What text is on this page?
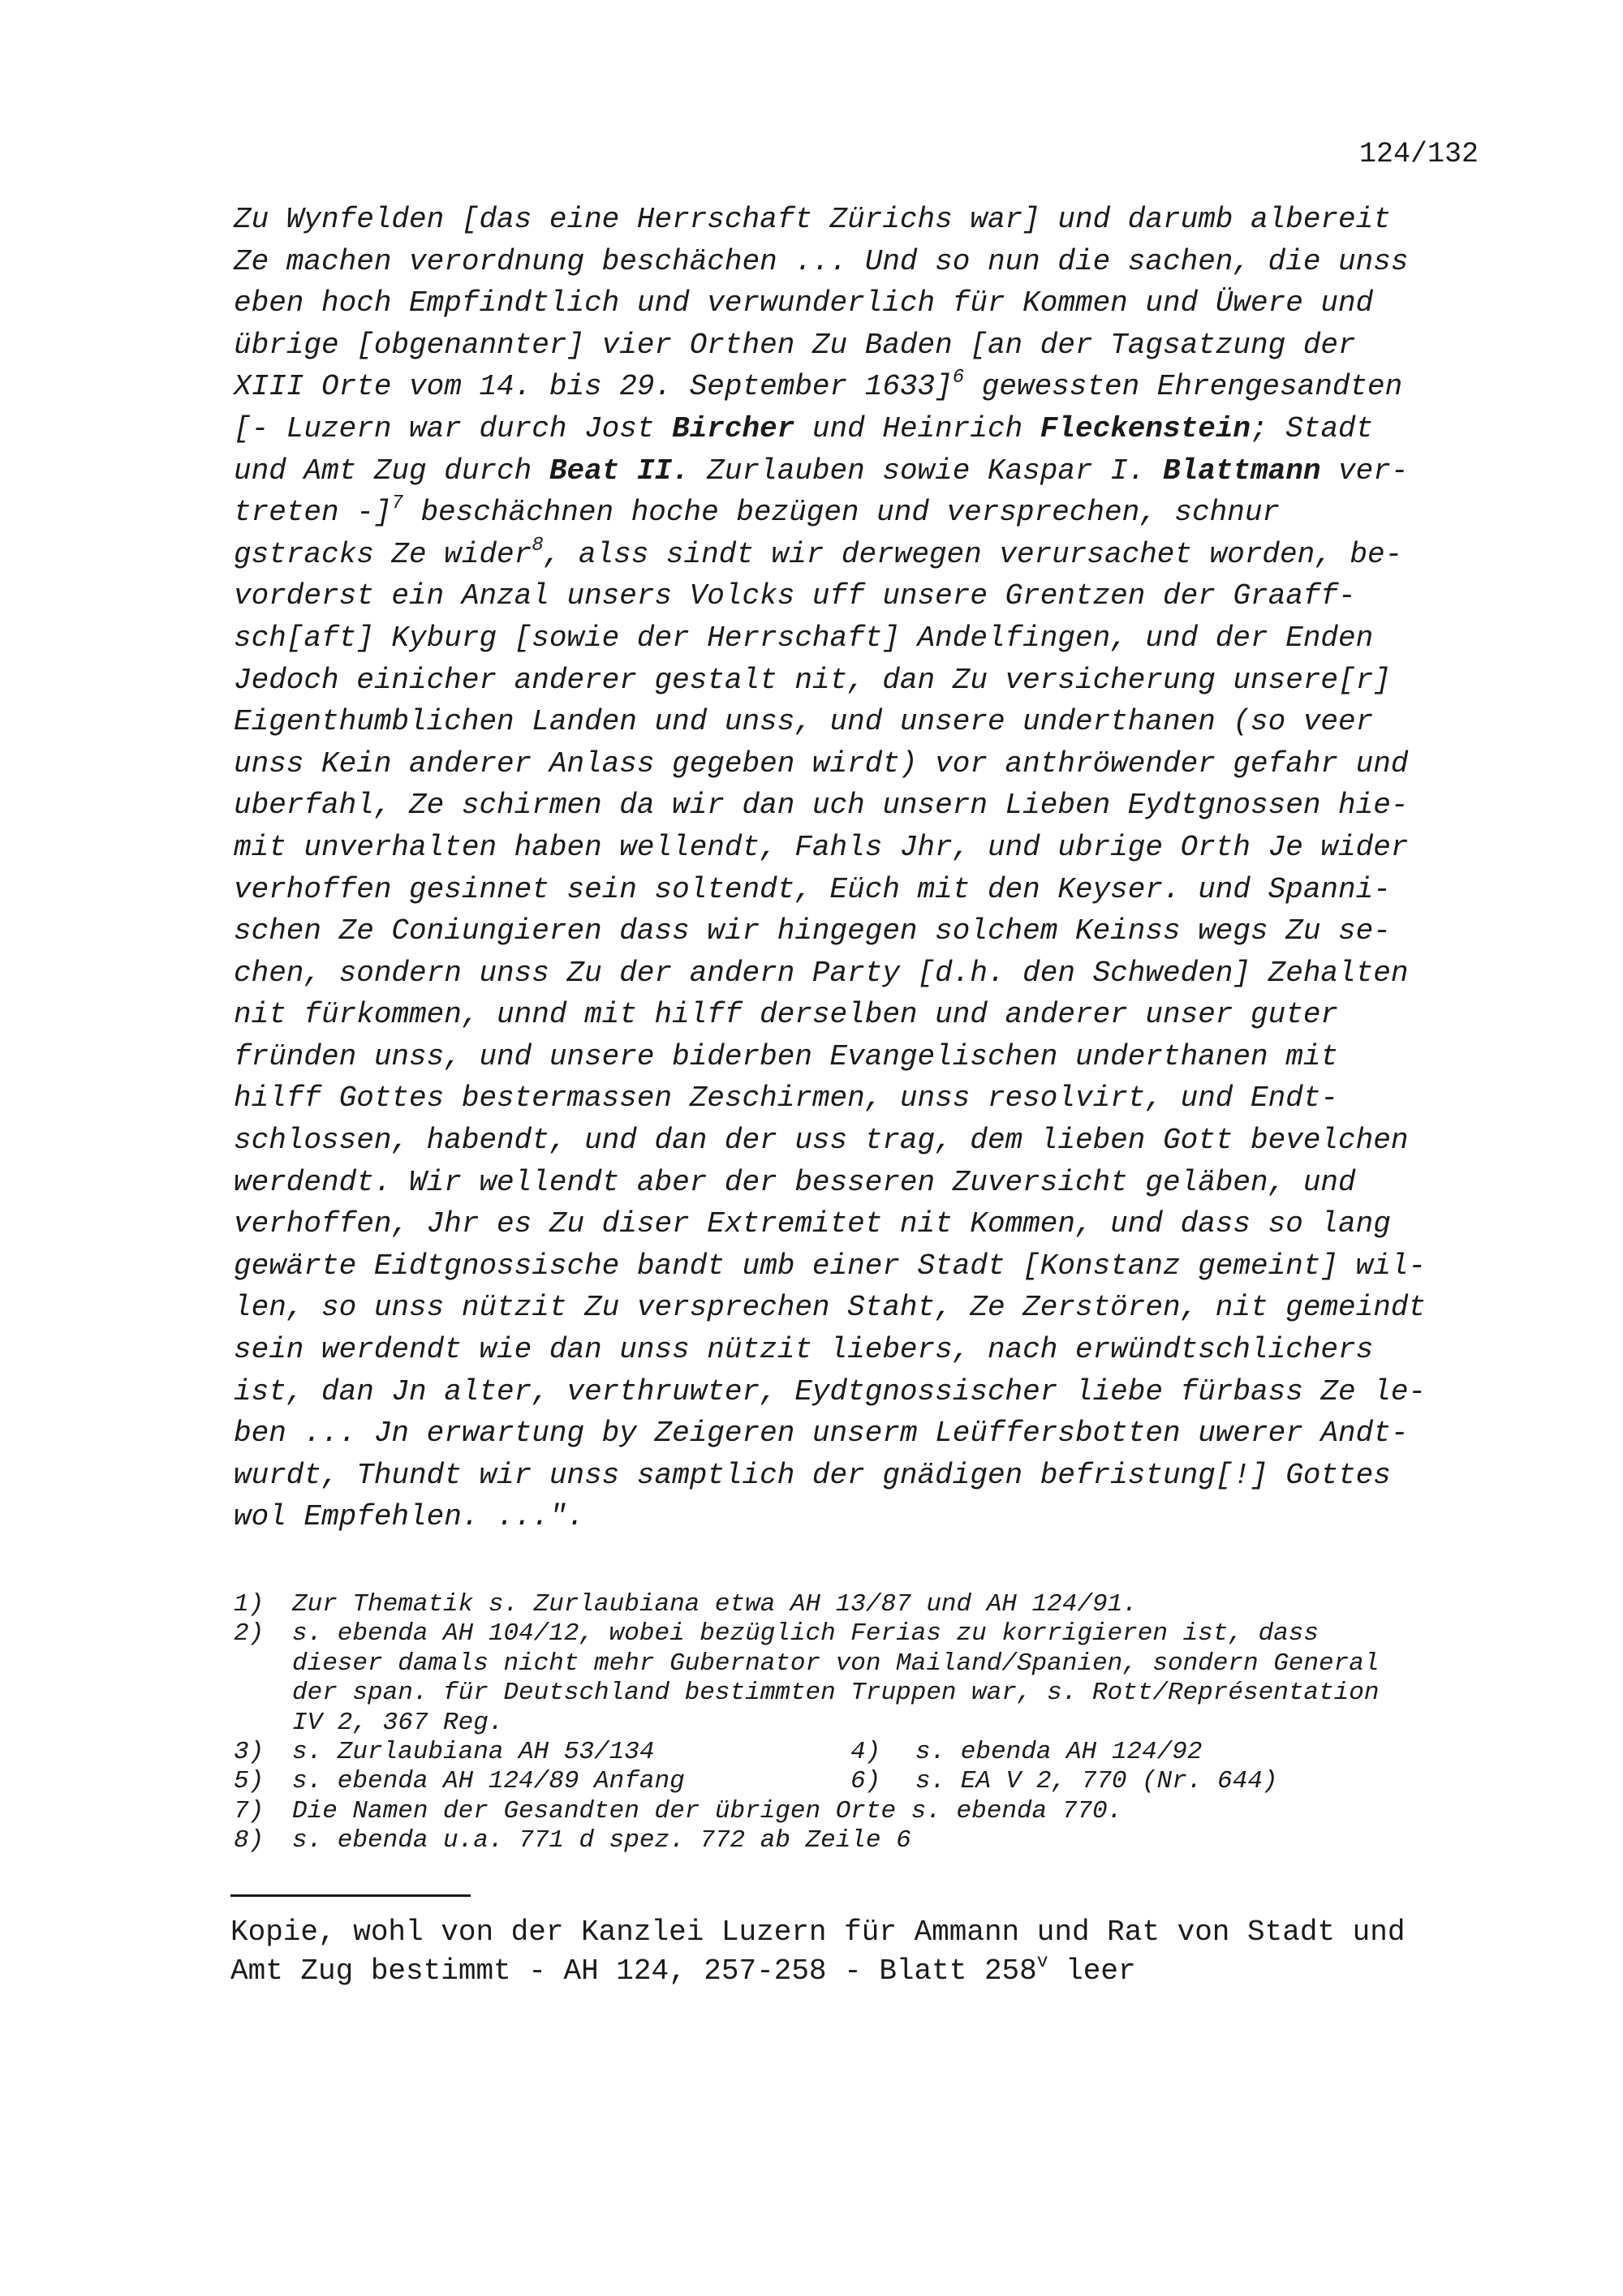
124/132
Zu Wynfelden [das eine Herrschaft Zürichs war] und darumb albereit
Ze machen verordnung beschächen ... Und so nun die sachen, die unss
eben hoch Empfindtlich und verwunderlich für Kommen und Üwere und
übrige [obgenannter] vier Orthen Zu Baden [an der Tagsatzung der
XIII Orte vom 14. bis 29. September 1633]$^6$ gewessten Ehrengesandten
[- Luzern war durch Jost Bircher und Heinrich Fleckenstein; Stadt
und Amt Zug durch Beat II. Zurlauben sowie Kaspar I. Blattmann ver-
treten -]$^7$ beschächnen hoche bezügen und versprechen, schnur
gstracks Ze wider$^8$, alss sindt wir derwegen verursachet worden, be-
vorderst ein Anzal unsers Volcks uff unsere Grentzen der Graaff-
sch[aft] Kyburg [sowie der Herrschaft] Andelfingen, und der Enden
Jedoch einicher anderer gestalt nit, dan Zu versicherung unsere[r]
Eigenthumblichen Landen und unss, und unsere underthanen (so veer
unss Kein anderer Anlass gegeben wirdt) vor anthröwender gefahr und
uberfahl, Ze schirmen da wir dan uch unsern Lieben Eydtgnossen hie-
mit unverhalten haben wellendt, Fahls Jhr, und ubrige Orth Je wider
verhoffen gesinnet sein soltendt, Eüch mit den Keyser. und Spanni-
schen Ze Coniungieren dass wir hingegen solchem Keinss wegs Zu se-
chen, sondern unss Zu der andern Party [d.h. den Schweden] Zehalten
nit fürkommen, unnd mit hilff derselben und anderer unser guter
fründen unss, und unsere biderben Evangelischen underthanen mit
hilff Gottes bestermassen Zeschirmen, unss resolvirt, und Endt-
schlossen, habendt, und dan der uss trag, dem lieben Gott bevelchen
werdendt. Wir wellendt aber der besseren Zuversicht geläben, und
verhoffen, Jhr es Zu diser Extremitet nit Kommen, und dass so lang
gewärte Eidtgnossische bandt umb einer Stadt [Konstanz gemeint] wil-
len, so unss nützit Zu versprechen Staht, Ze Zerstören, nit gemeindt
sein werdendt wie dan unss nützit liebers, nach erwündtschlichers
ist, dan Jn alter, verthruwter, Eydtgnossischer liebe fürbass Ze le-
ben ... Jn erwartung by Zeigeren unserm Leüffersbotten uwerer Andt-
wurdt, Thundt wir unss samptlich der gnädigen befristung[!] Gottes
wol Empfehlen. ...".
1) Zur Thematik s. Zurlaubiana etwa AH 13/87 und AH 124/91.
2) s. ebenda AH 104/12, wobei bezüglich Ferias zu korrigieren ist, dass
dieser damals nicht mehr Gubernator von Mailand/Spanien, sondern General
der span. für Deutschland bestimmten Truppen war, s. Rott/Représentation
IV 2, 367 Reg.
3) s. Zurlaubiana AH 53/134	4) s. ebenda AH 124/92
5) s. ebenda AH 124/89 Anfang	6) s. EA V 2, 770 (Nr. 644)
7) Die Namen der Gesandten der übrigen Orte s. ebenda 770.
8) s. ebenda u.a. 771 d spez. 772 ab Zeile 6
Kopie, wohl von der Kanzlei Luzern für Ammann und Rat von Stadt und
Amt Zug bestimmt - AH 124, 257-258 - Blatt 258$^v$ leer
